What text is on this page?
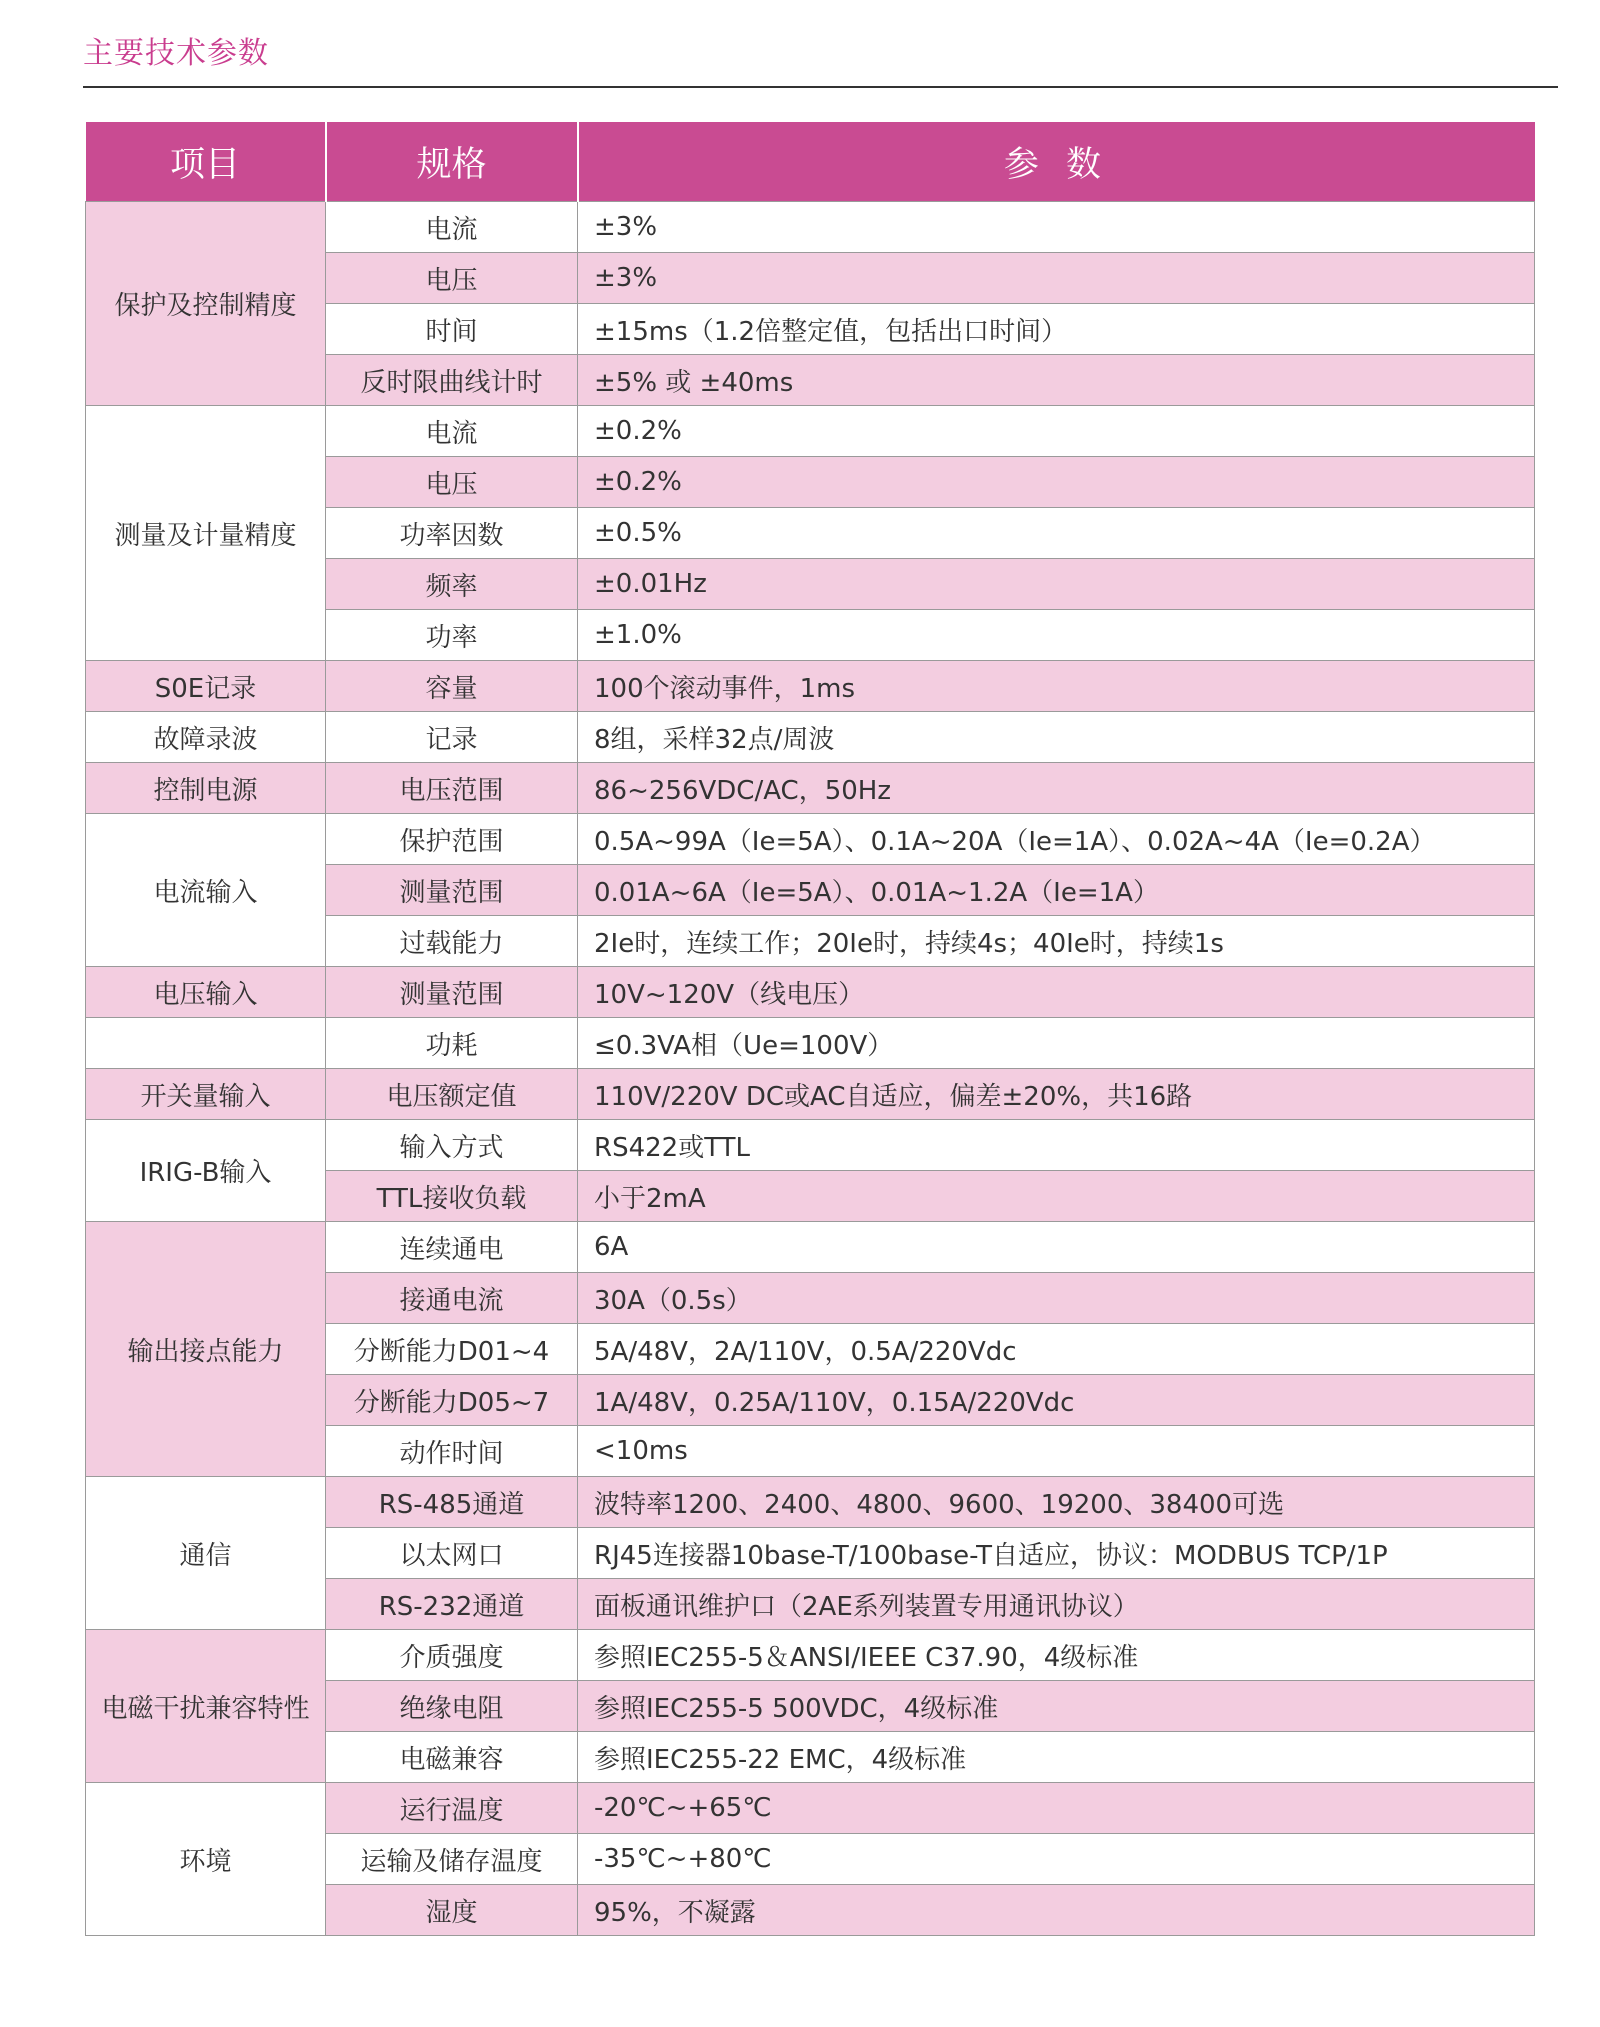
主要技术参数
项目	规格	参 数
保护及控制精度	电流	±3%
	电压	±3%
	时间	±15ms（1.2倍整定值，包括出口时间）
	反时限曲线计时	±5% 或 ±40ms
测量及计量精度	电流	±0.2%
	电压	±0.2%
	功率因数	±0.5%
	频率	±0.01Hz
	功率	±1.0%
S0E记录	容量	100个滚动事件，1ms
故障录波	记录	8组，采样32点/周波
控制电源	电压范围	86~256VDC/AC，50Hz
电流输入	保护范围	0.5A~99A（Ie=5A）、0.1A~20A（Ie=1A）、0.02A~4A（Ie=0.2A）
	测量范围	0.01A~6A（Ie=5A）、0.01A~1.2A（Ie=1A）
	过载能力	2Ie时，连续工作；20Ie时，持续4s；40Ie时，持续1s
电压输入	测量范围	10V~120V（线电压）
	功耗	≤0.3VA相（Ue=100V）
开关量输入	电压额定值	110V/220V DC或AC自适应，偏差±20%，共16路
IRIG-B输入	输入方式	RS422或TTL
	TTL接收负载	小于2mA
输出接点能力	连续通电	6A
	接通电流	30A（0.5s）
	分断能力D01~4	5A/48V，2A/110V，0.5A/220Vdc
	分断能力D05~7	1A/48V，0.25A/110V，0.15A/220Vdc
	动作时间	<10ms
通信	RS-485通道	波特率1200、2400、4800、9600、19200、38400可选
	以太网口	RJ45连接器10base-T/100base-T自适应，协议：MODBUS TCP/1P
	RS-232通道	面板通讯维护口（2AE系列装置专用通讯协议）
电磁干扰兼容特性	介质强度	参照IEC255-5＆ANSI/IEEE C37.90，4级标准
	绝缘电阻	参照IEC255-5 500VDC，4级标准
	电磁兼容	参照IEC255-22 EMC，4级标准
环境	运行温度	-20℃~+65℃
	运输及储存温度	-35℃~+80℃
	湿度	95%，不凝露
